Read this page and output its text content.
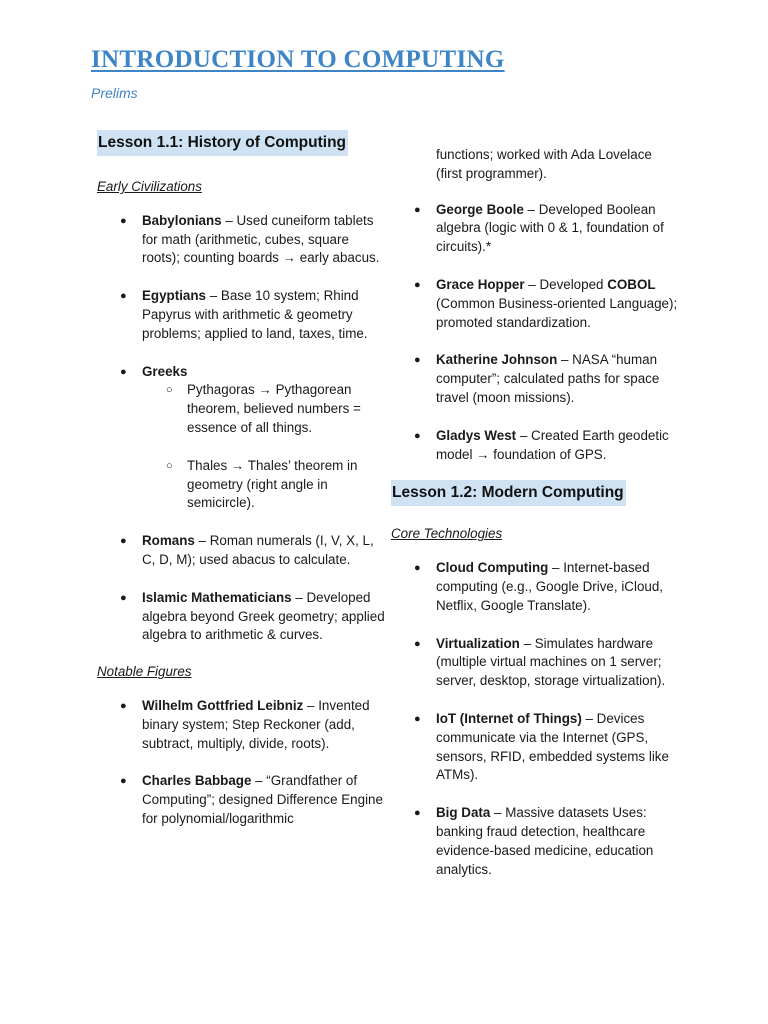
INTRODUCTION TO COMPUTING
Prelims
Lesson 1.1: History of Computing

Early Civilizations

●
Babylonians – Used cuneiform tablets for math (arithmetic, cubes, square roots); counting boards → early abacus.
●
Egyptians – Base 10 system; Rhind Papyrus with arithmetic & geometry problems; applied to land, taxes, time.
●
Greeks
○
Pythagoras → Pythagorean theorem, believed numbers = essence of all things.
○
Thales → Thales’ theorem in geometry (right angle in semicircle).
●
Romans – Roman numerals (I, V, X, L, C, D, M); used abacus to calculate.
●
Islamic Mathematicians – Developed algebra beyond Greek geometry; applied algebra to arithmetic & curves.

Notable Figures

●
Wilhelm Gottfried Leibniz – Invented binary system; Step Reckoner (add, subtract, multiply, divide, roots).
●
Charles Babbage – “Grandfather of Computing”; designed Difference Engine for polynomial/logarithmic
functions; worked with Ada Lovelace (first programmer).
●
George Boole – Developed Boolean algebra (logic with 0 & 1, foundation of circuits).*
●
Grace Hopper – Developed COBOL (Common Business-oriented Language); promoted standardization.
●
Katherine Johnson – NASA “human computer”; calculated paths for space travel (moon missions).
●
Gladys West – Created Earth geodetic model → foundation of GPS.
Lesson 1.2: Modern Computing

Core Technologies

●
Cloud Computing – Internet-based computing (e.g., Google Drive, iCloud, Netflix, Google Translate).
●
Virtualization – Simulates hardware (multiple virtual machines on 1 server; server, desktop, storage virtualization).
●
IoT (Internet of Things) – Devices communicate via the Internet (GPS, sensors, RFID, embedded systems like ATMs).
●
Big Data – Massive datasets Uses: banking fraud detection, healthcare evidence-based medicine, education analytics.
